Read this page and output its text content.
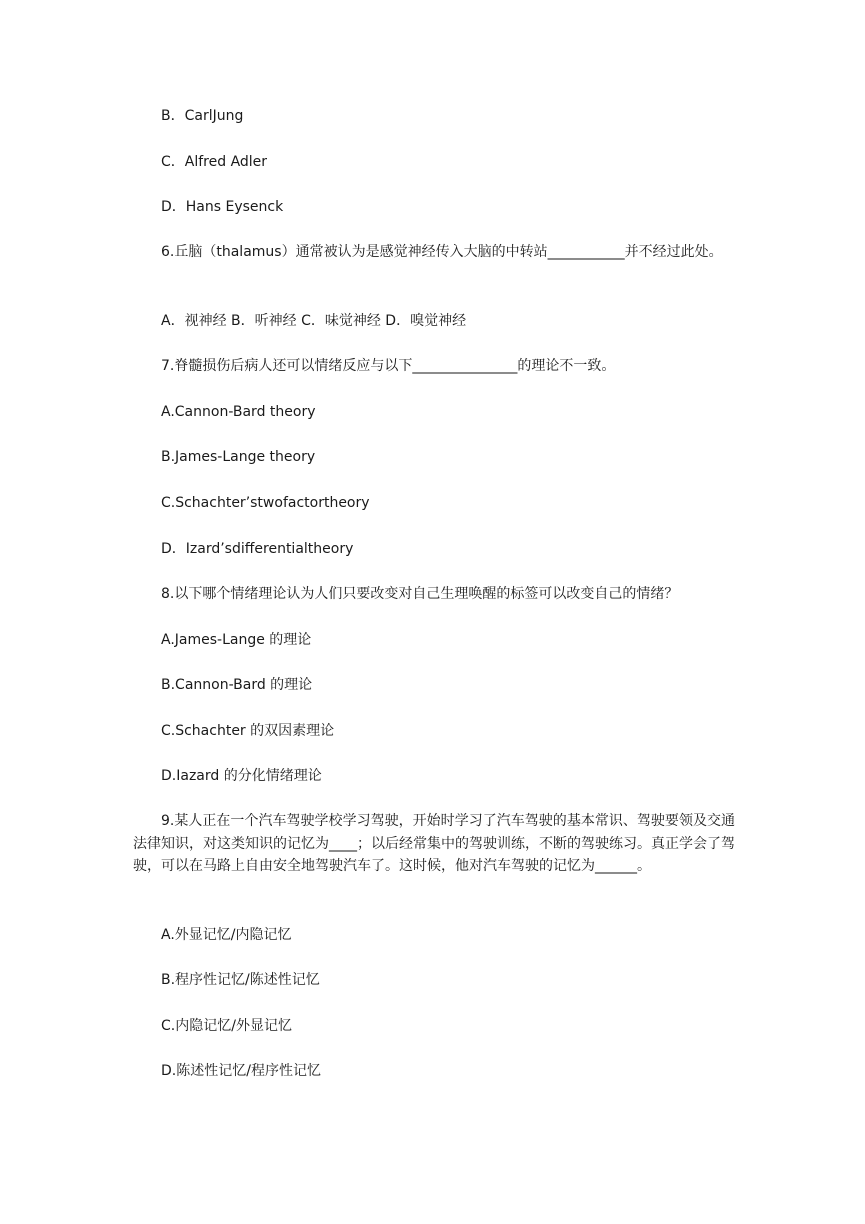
B．CarlJung
C．Alfred Adler
D．Hans Eysenck
6.丘脑（thalamus）通常被认为是感觉神经传入大脑的中转站___________并不经过此处。
A．视神经 B．听神经 C．味觉神经 D．嗅觉神经
7.脊髓损伤后病人还可以情绪反应与以下_______________的理论不一致。
A.Cannon-Bard theory
B.James-Lange theory
C.Schachter’stwofactortheory
D．Izard’sdifferentialtheory
8.以下哪个情绪理论认为人们只要改变对自己生理唤醒的标签可以改变自己的情绪？
A.James-Lange 的理论
B.Cannon-Bard 的理论
C.Schachter 的双因素理论
D.Iazard 的分化情绪理论
9.某人正在一个汽车驾驶学校学习驾驶，开始时学习了汽车驾驶的基本常识、驾驶要领及交通法律知识，对这类知识的记忆为____；以后经常集中的驾驶训练，不断的驾驶练习。真正学会了驾驶，可以在马路上自由安全地驾驶汽车了。这时候，他对汽车驾驶的记忆为______。
A.外显记忆/内隐记忆
B.程序性记忆/陈述性记忆
C.内隐记忆/外显记忆
D.陈述性记忆/程序性记忆
